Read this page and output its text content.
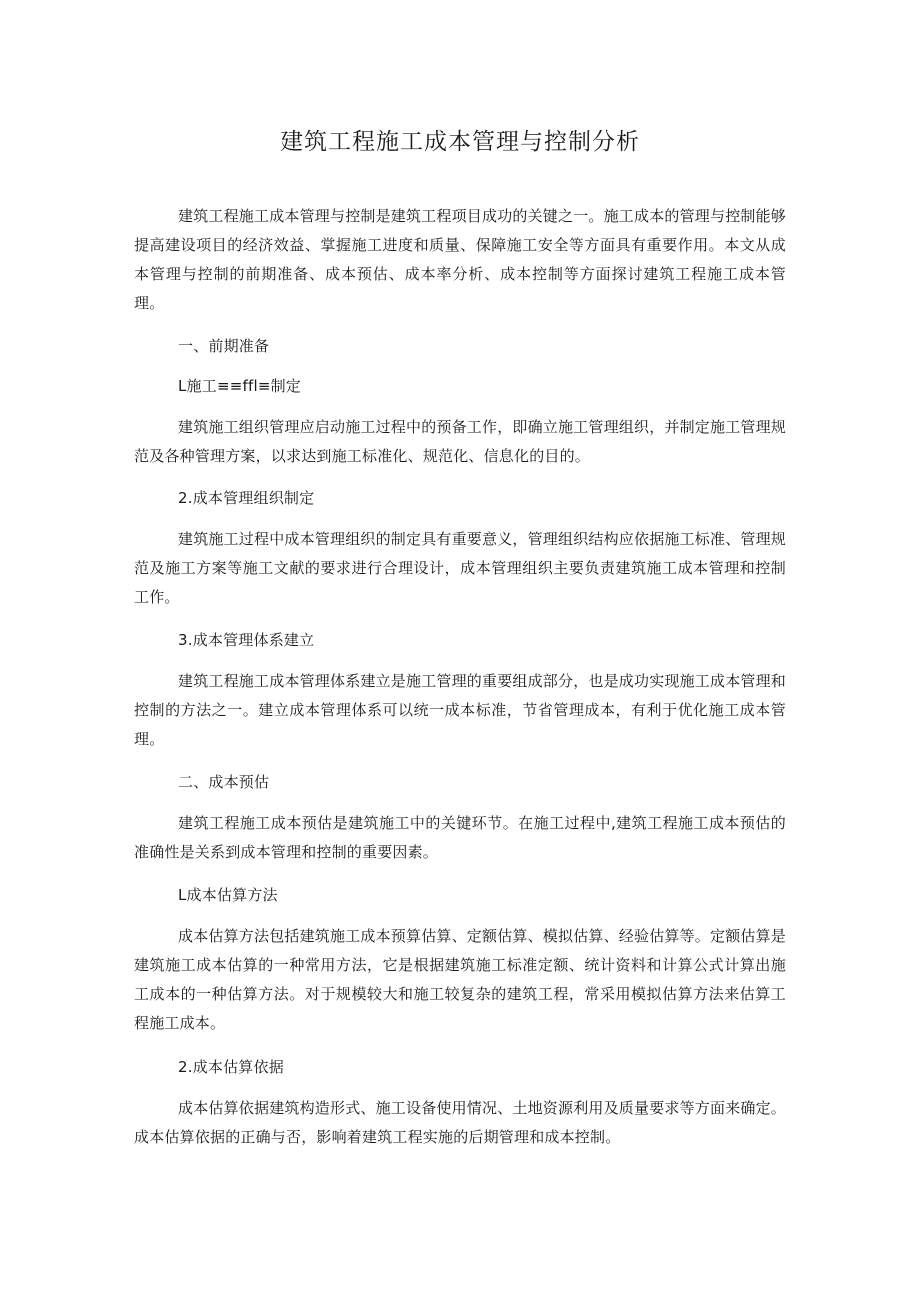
建筑工程施工成本管理与控制分析

建筑工程施工成本管理与控制是建筑工程项目成功的关键之一。施工成本的管理与控制能够提高建设项目的经济效益、掌握施工进度和质量、保障施工安全等方面具有重要作用。本文从成本管理与控制的前期准备、成本预估、成本率分析、成本控制等方面探讨建筑工程施工成本管理。

一、前期准备
L施工≡≡ffl≡制定

建筑施工组织管理应启动施工过程中的预备工作，即确立施工管理组织，并制定施工管理规范及各种管理方案，以求达到施工标准化、规范化、信息化的目的。

2.成本管理组织制定

建筑施工过程中成本管理组织的制定具有重要意义，管理组织结构应依据施工标准、管理规范及施工方案等施工文献的要求进行合理设计，成本管理组织主要负责建筑施工成本管理和控制工作。

3.成本管理体系建立

建筑工程施工成本管理体系建立是施工管理的重要组成部分，也是成功实现施工成本管理和控制的方法之一。建立成本管理体系可以统一成本标准，节省管理成本，有利于优化施工成本管理。

二、成本预估

建筑工程施工成本预估是建筑施工中的关键环节。在施工过程中,建筑工程施工成本预估的准确性是关系到成本管理和控制的重要因素。

L成本估算方法

成本估算方法包括建筑施工成本预算估算、定额估算、模拟估算、经验估算等。定额估算是建筑施工成本估算的一种常用方法，它是根据建筑施工标准定额、统计资料和计算公式计算出施工成本的一种估算方法。对于规模较大和施工较复杂的建筑工程，常采用模拟估算方法来估算工程施工成本。

2.成本估算依据

成本估算依据建筑构造形式、施工设备使用情况、土地资源利用及质量要求等方面来确定。成本估算依据的正确与否，影响着建筑工程实施的后期管理和成本控制。
